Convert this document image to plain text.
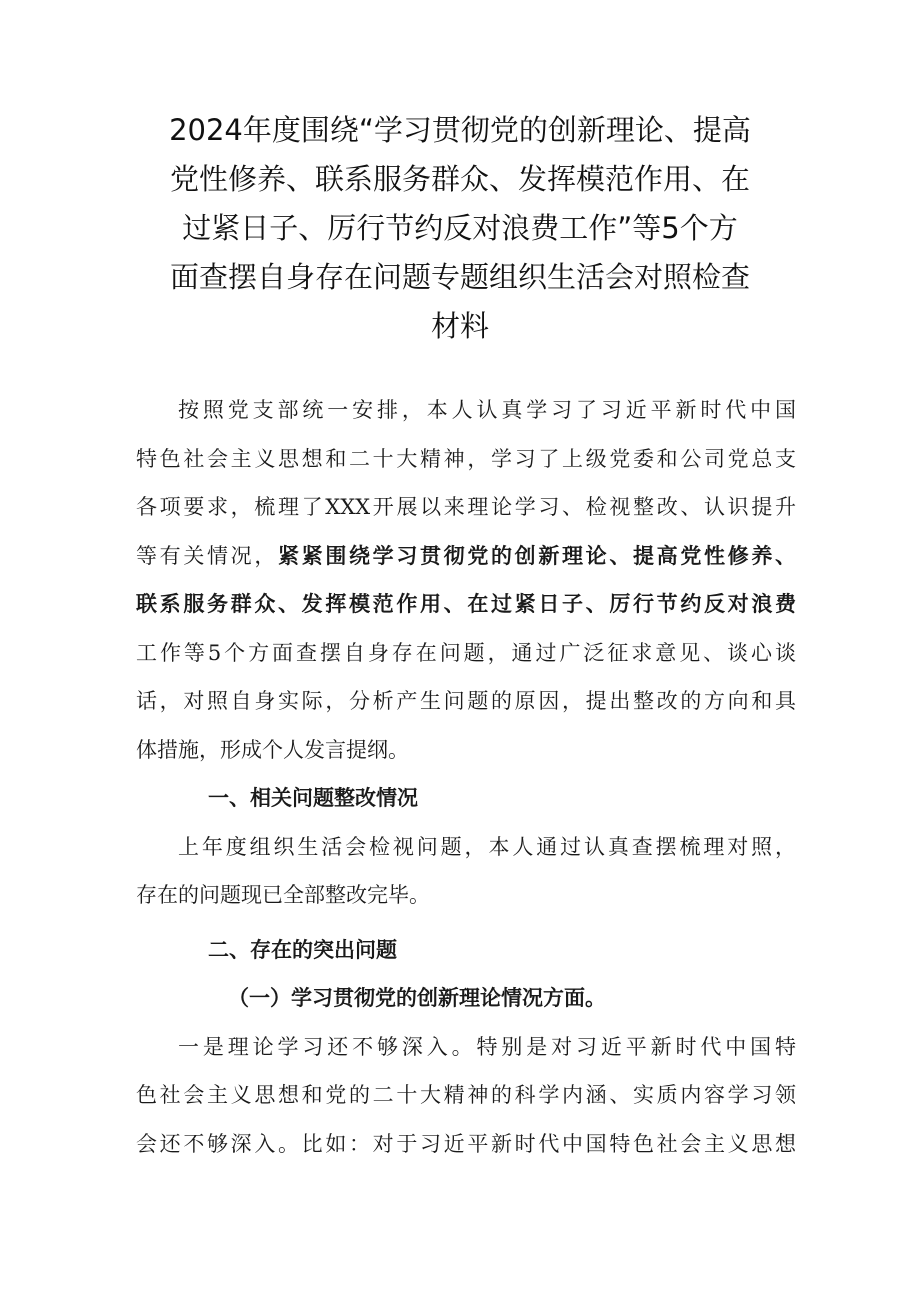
2024年度围绕“学习贯彻党的创新理论、提高
党性修养、联系服务群众、发挥模范作用、在
过紧日子、厉行节约反对浪费工作”等5个方
面查摆自身存在问题专题组织生活会对照检查
材料
按照党支部统一安排，本人认真学习了习近平新时代中国
特色社会主义思想和二十大精神，学习了上级党委和公司党总支
各项要求，梳理了XXX开展以来理论学习、检视整改、认识提升
等有关情况，紧紧围绕学习贯彻党的创新理论、提高党性修养、
联系服务群众、发挥模范作用、在过紧日子、厉行节约反对浪费
工作等5个方面查摆自身存在问题，通过广泛征求意见、谈心谈
话，对照自身实际，分析产生问题的原因，提出整改的方向和具
体措施，形成个人发言提纲。
一、相关问题整改情况
上年度组织生活会检视问题，本人通过认真查摆梳理对照，
存在的问题现已全部整改完毕。
二、存在的突出问题
（一）学习贯彻党的创新理论情况方面。
一是理论学习还不够深入。特别是对习近平新时代中国特
色社会主义思想和党的二十大精神的科学内涵、实质内容学习领
会还不够深入。比如：对于习近平新时代中国特色社会主义思想
